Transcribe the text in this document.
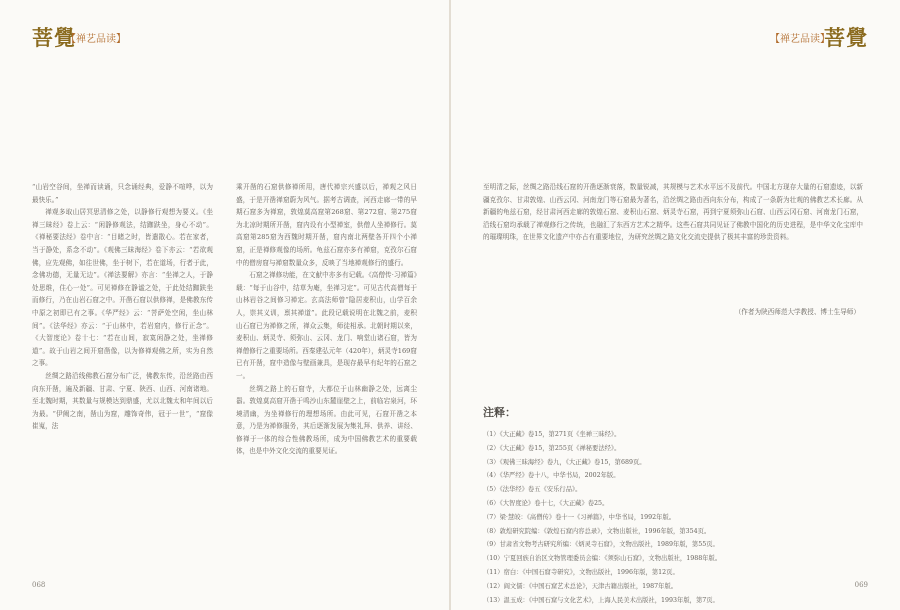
菩覺
【禅艺品读】

“山岩空谷间，坐禅而读诵，只念诵经典，爱静不喧哗，以为最快乐。”

禅观多取山居冥思清修之处，以静修行观想为要义。《坐禅三昧经》卷上云：“闲静修观法，结跏趺坐，身心不动”。《禅秘要法经》卷中言：“目睹之时，皆遣散心。若在家者，当于静处，系念不动”。《观佛三昧海经》卷下亦云：“若欲观佛，应先观佛，如往世佛，坐于树下，若在道场，行者于此，念佛功德，无量无边”。《禅法要解》亦言：“坐禅之人，于静处思维，住心一处”。可见禅修在静谧之处，于此处结跏趺坐而修行，乃在山岩石窟之中。开凿石窟以供修禅，是佛教东传中原之初即已有之事。《华严经》云：“菩萨处空闲，坐山林间”。《法华经》亦云：“于山林中，若岩窟内，修行正念”。《大智度论》卷十七：“若在山间，寂寞闲静之处，坐禅修道”。故于山岩之间开窟凿像，以为修禅观佛之所，实为自然之事。

丝绸之路沿线佛教石窟分布广泛，佛教东传，沿丝路由西向东开凿，遍及新疆、甘肃、宁夏、陕西、山西、河南诸地。至北魏时期，其数量与规模达到鼎盛，尤以北魏太和年间以后为最。“伊阙之南，凿山为窟，雕饰奇伟，冠于一世”，“窟像崔嵬，法

乘开凿的石窟供修禅所用，唐代禅宗兴盛以后，禅观之风日盛，于是开凿禅窟蔚为风气。据考古调查，河西走廊一带的早期石窟多为禅窟，敦煌莫高窟第268窟、第272窟、第275窟为北凉时期所开凿，窟内设有小型禅室，供僧人坐禅修行。莫高窟第285窟为西魏时期开凿，窟内南北两壁各开四个小禅窟，正是禅修观像的场所。龟兹石窟亦多有禅窟，克孜尔石窟中的僧房窟与禅窟数量众多，反映了当地禅观修行的盛行。

石窟之禅修功能，在文献中亦多有记载。《高僧传·习禅篇》载：“每于山谷中，结草为庵，坐禅习定”。可见古代高僧每于山林岩谷之间修习禅定。玄高法师曾“隐居麦积山，山学百余人，崇其义训，禀其禅道”。此段记载说明在北魏之前，麦积山石窟已为禅修之所，禅众云集，师徒相承。北朝时期以来，麦积山、炳灵寺、须弥山、云冈、龙门、响堂山诸石窟，皆为禅僧修行之重要场所。西秦建弘元年（420年），炳灵寺169窟已有开凿，窟中造像与壁画兼具，是现存最早有纪年的石窟之一。

丝绸之路上的石窟寺，大都位于山林幽静之处，远离尘嚣。敦煌莫高窟开凿于鸣沙山东麓崖壁之上，前临宕泉河，环境清幽，为坐禅修行的理想场所。由此可见，石窟开凿之本意，乃是为禅修服务，其后逐渐发展为集礼拜、供养、讲经、修禅于一体的综合性佛教场所，成为中国佛教艺术的重要载体，也是中外文化交流的重要见证。

068
菩覺
【禅艺品读】

至明清之际，丝绸之路沿线石窟的开凿逐渐衰落，数量锐减，其规模与艺术水平远不及前代。中国北方现存大量的石窟遗迹，以新疆克孜尔、甘肃敦煌、山西云冈、河南龙门等石窟最为著名，沿丝绸之路由西向东分布，构成了一条蔚为壮观的佛教艺术长廊。从新疆的龟兹石窟，经甘肃河西走廊的敦煌石窟、麦积山石窟、炳灵寺石窟，再到宁夏须弥山石窟、山西云冈石窟、河南龙门石窟，沿线石窟均承载了禅观修行之传统，也融汇了东西方艺术之精华。这些石窟共同见证了佛教中国化的历史进程，是中华文化宝库中的璀璨明珠，在世界文化遗产中亦占有重要地位，为研究丝绸之路文化交流史提供了极其丰富的珍贵资料。

（作者为陕西师范大学教授、博士生导师）
注释：
（1）《大正藏》卷15，第271页《坐禅三昧经》。
（2）《大正藏》卷15，第255页《禅秘要法经》。
（3）《观佛三昧海经》卷九，《大正藏》卷15，第689页。
（4）《华严经》卷十八，中华书局，2002年版。
（5）《法华经》卷五《安乐行品》。
（6）《大智度论》卷十七，《大正藏》卷25。
（7）梁·慧皎：《高僧传》卷十一《习禅篇》，中华书局，1992年版。
（8）敦煌研究院编：《敦煌石窟内容总录》，文物出版社，1996年版，第354页。
（9）甘肃省文物考古研究所编：《炳灵寺石窟》，文物出版社，1989年版，第55页。
（10）宁夏回族自治区文物管理委员会编：《须弥山石窟》，文物出版社，1988年版。
（11）宿白：《中国石窟寺研究》，文物出版社，1996年版，第12页。
（12）阎文儒：《中国石窟艺术总论》，天津古籍出版社，1987年版。
（13）温玉成：《中国石窟与文化艺术》，上海人民美术出版社，1993年版，第7页。
069
